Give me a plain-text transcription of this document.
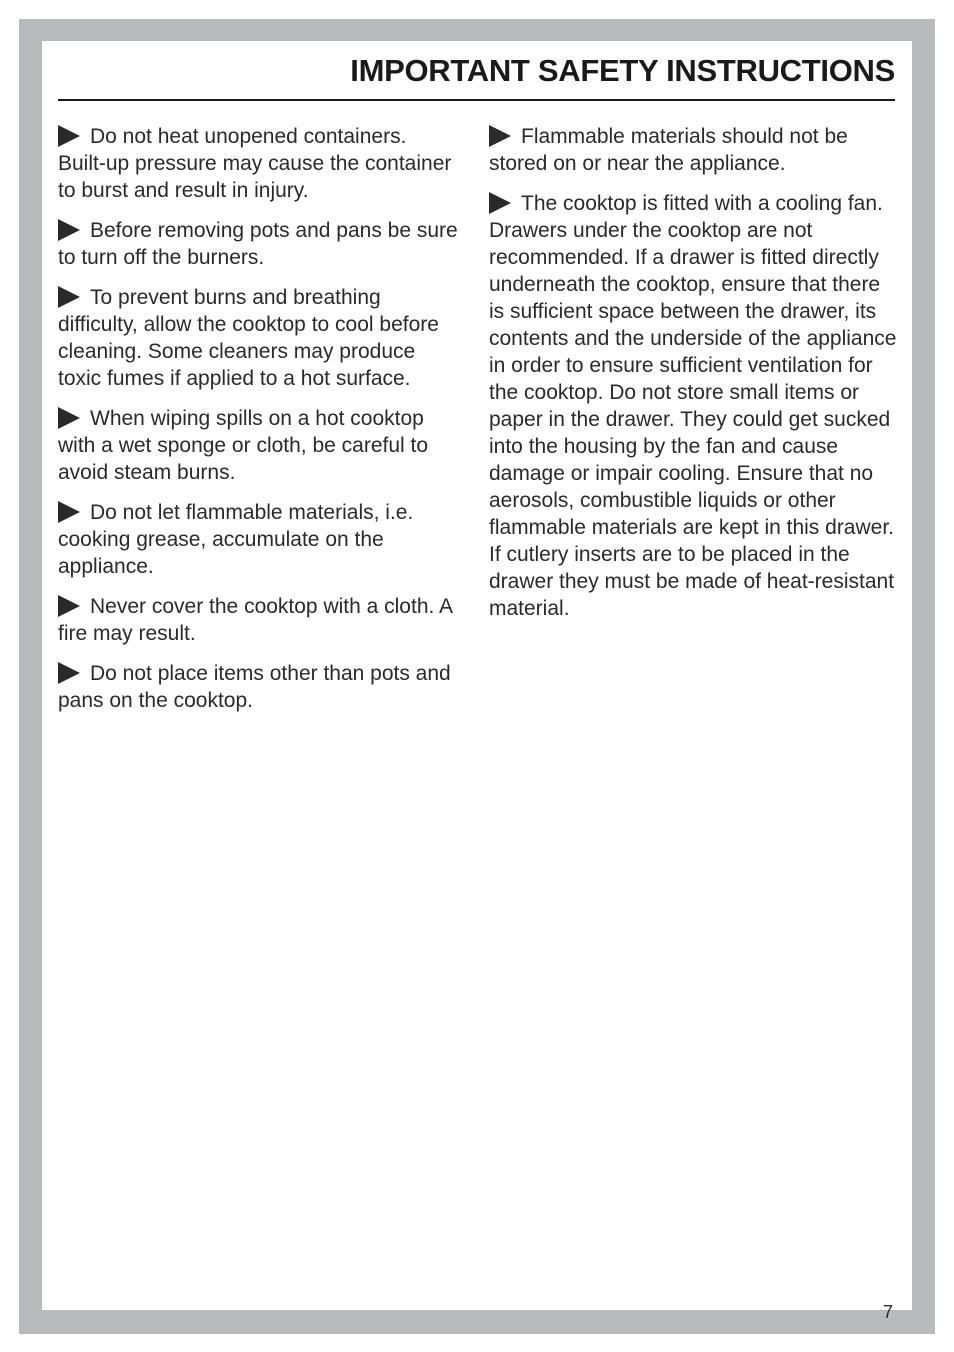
IMPORTANT SAFETY INSTRUCTIONS

Do not heat unopened containers. Built-up pressure may cause the container to burst and result in injury.

Before removing pots and pans be sure to turn off the burners.

To prevent burns and breathing difficulty, allow the cooktop to cool before cleaning. Some cleaners may produce toxic fumes if applied to a hot surface.

When wiping spills on a hot cooktop with a wet sponge or cloth, be careful to avoid steam burns.

Do not let flammable materials, i.e. cooking grease, accumulate on the appliance.

Never cover the cooktop with a cloth. A fire may result.

Do not place items other than pots and pans on the cooktop.

Flammable materials should not be stored on or near the appliance.

The cooktop is fitted with a cooling fan. Drawers under the cooktop are not recommended. If a drawer is fitted directly underneath the cooktop, ensure that there is sufficient space between the drawer, its contents and the underside of the appliance in order to ensure sufficient ventilation for the cooktop. Do not store small items or paper in the drawer. They could get sucked into the housing by the fan and cause damage or impair cooling. Ensure that no aerosols, combustible liquids or other flammable materials are kept in this drawer. If cutlery inserts are to be placed in the drawer they must be made of heat-resistant material.

7
